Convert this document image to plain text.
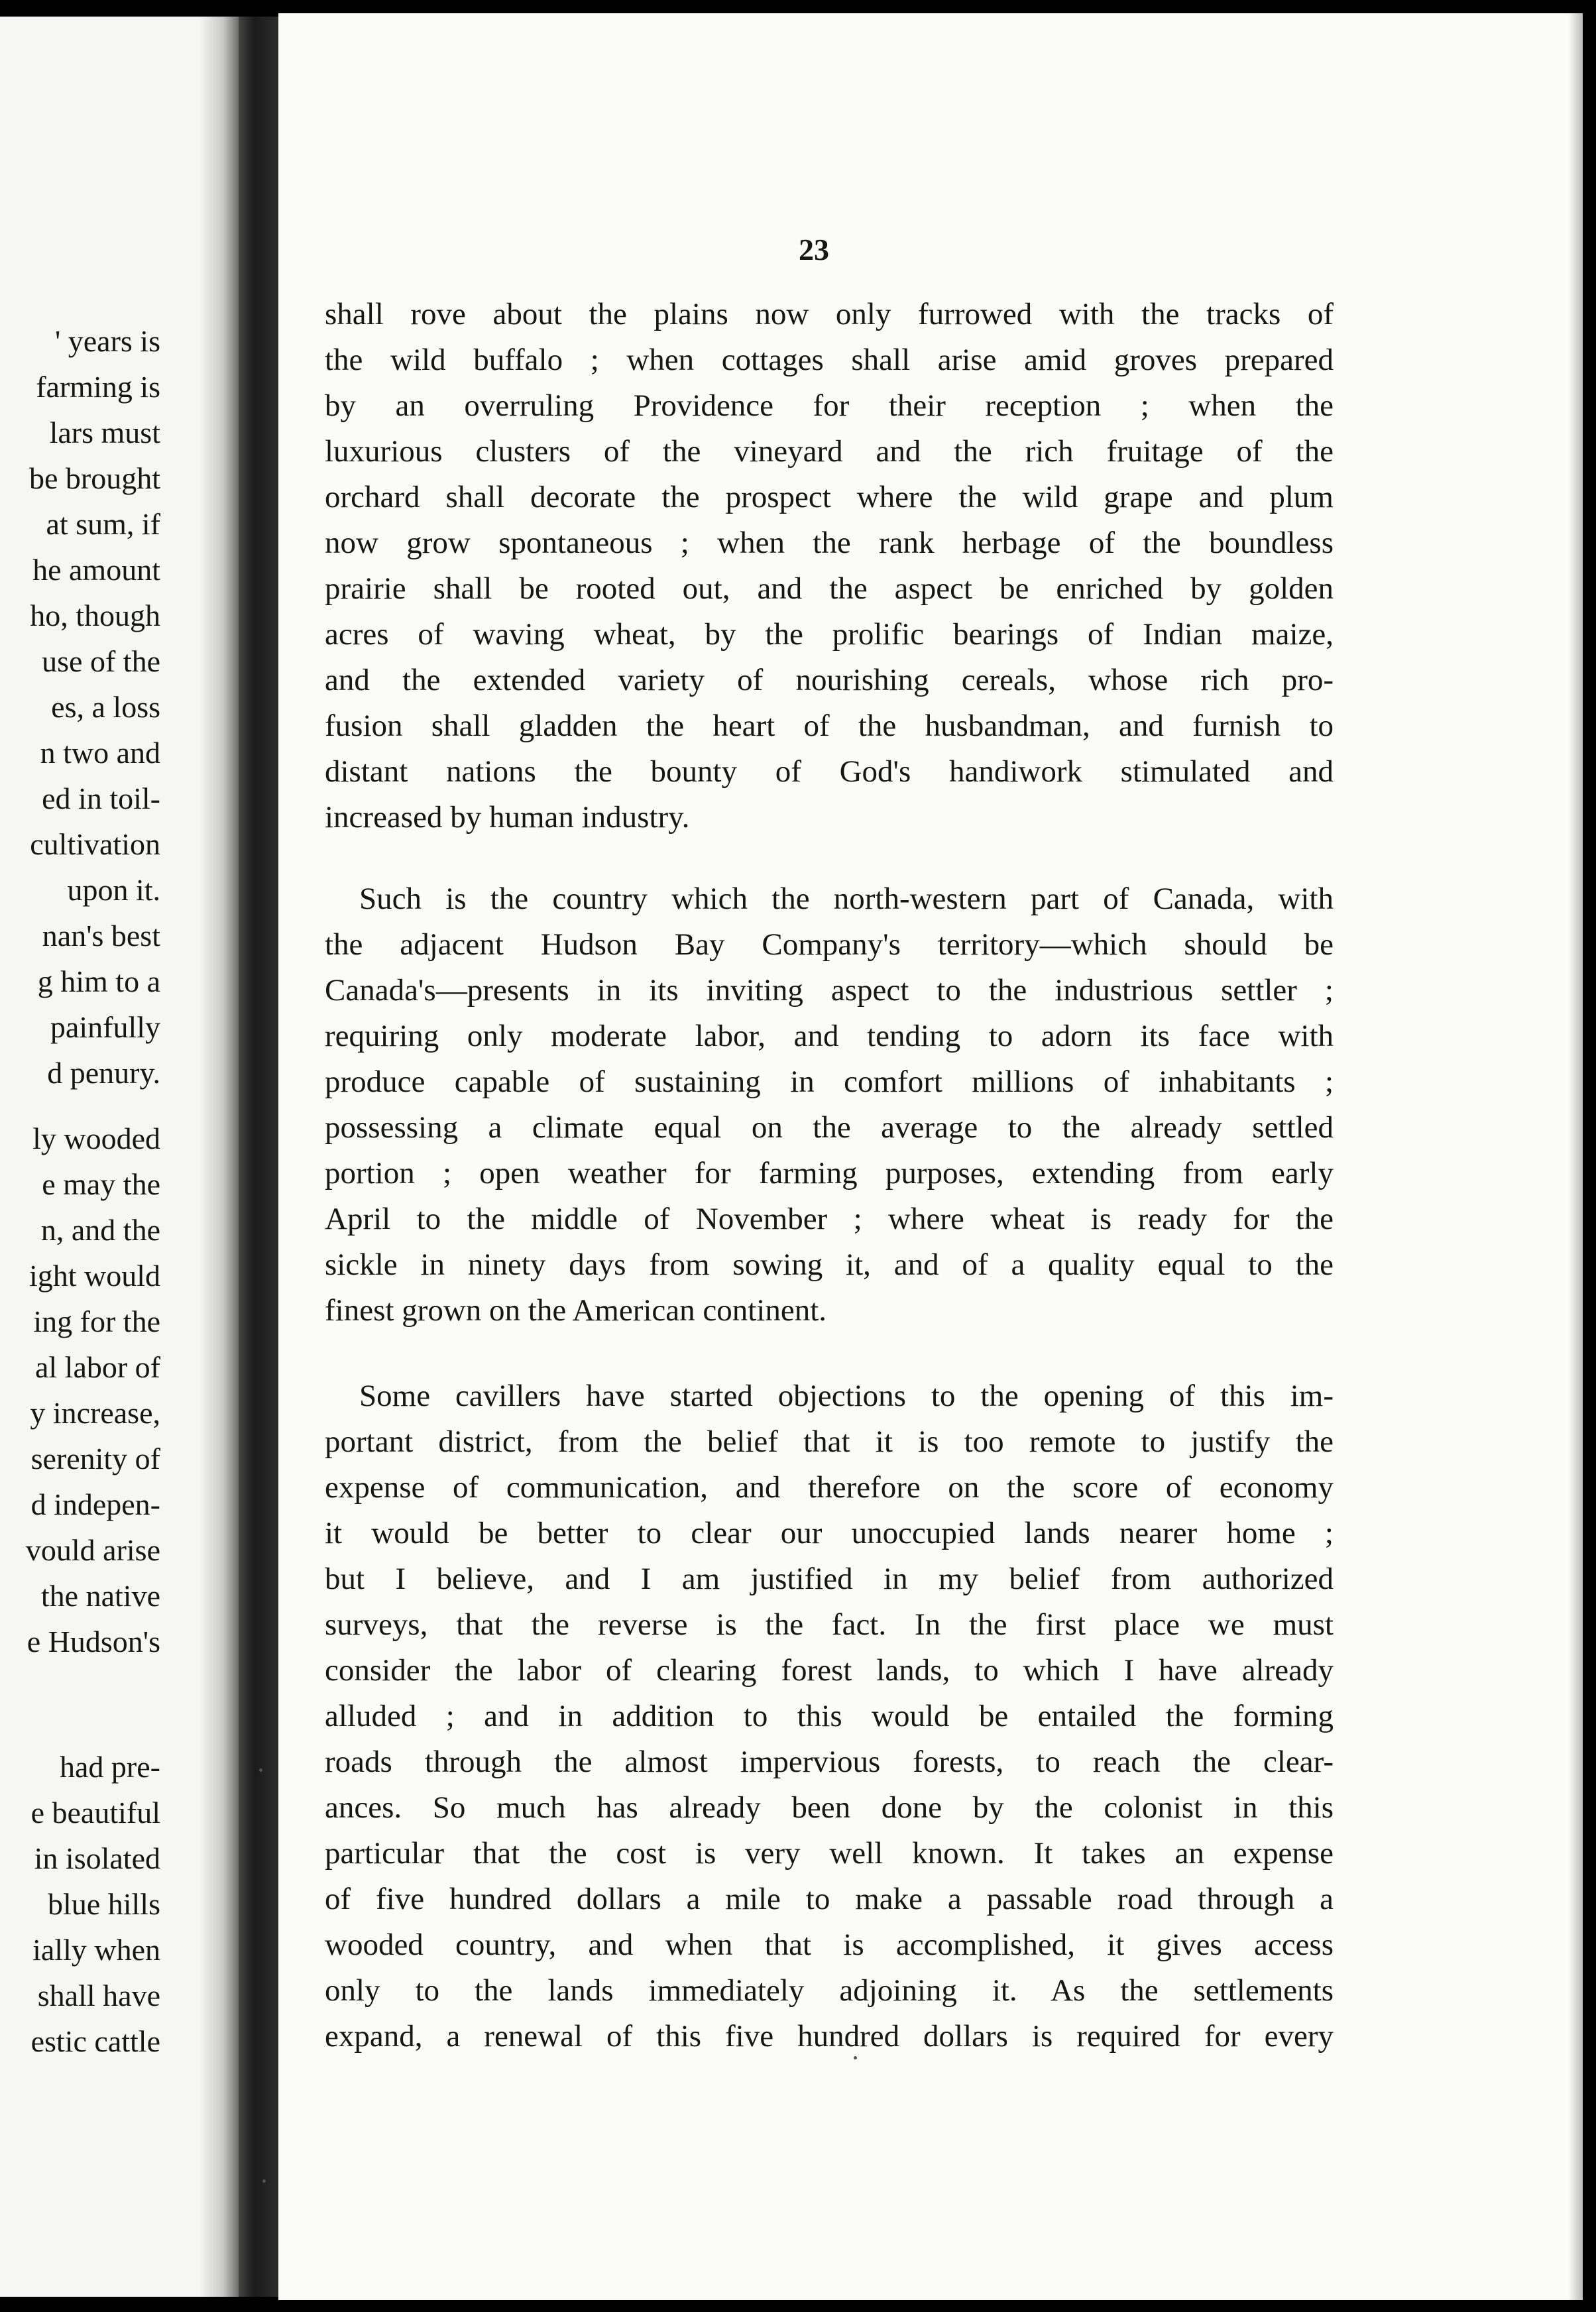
' years is
farming is
lars must
be brought
at sum, if
he amount
ho, though
use of the
es, a loss
n two and
ed in toil-
cultivation
upon it.
nan's best
g him to a
painfully
d penury.
ly wooded
e may the
n, and the
ight would
ing for the
al labor of
y increase,
serenity of
d indepen-
vould arise
the native
e Hudson's
had pre-
e beautiful
in isolated
blue hills
ially when
shall have
estic cattle
23
shall rove about the plains now only furrowed with the tracks of
the wild buffalo ; when cottages shall arise amid groves prepared
by an overruling Providence for their reception ; when the
luxurious clusters of the vineyard and the rich fruitage of the
orchard shall decorate the prospect where the wild grape and plum
now grow spontaneous ; when the rank herbage of the boundless
prairie shall be rooted out, and the aspect be enriched by golden
acres of waving wheat, by the prolific bearings of Indian maize,
and the extended variety of nourishing cereals, whose rich pro-
fusion shall gladden the heart of the husbandman, and furnish to
distant nations the bounty of God's handiwork stimulated and
increased by human industry.
Such is the country which the north-western part of Canada, with
the adjacent Hudson Bay Company's territory—which should be
Canada's—presents in its inviting aspect to the industrious settler ;
requiring only moderate labor, and tending to adorn its face with
produce capable of sustaining in comfort millions of inhabitants ;
possessing a climate equal on the average to the already settled
portion ; open weather for farming purposes, extending from early
April to the middle of November ; where wheat is ready for the
sickle in ninety days from sowing it, and of a quality equal to the
finest grown on the American continent.
Some cavillers have started objections to the opening of this im-
portant district, from the belief that it is too remote to justify the
expense of communication, and therefore on the score of economy
it would be better to clear our unoccupied lands nearer home ;
but I believe, and I am justified in my belief from authorized
surveys, that the reverse is the fact. In the first place we must
consider the labor of clearing forest lands, to which I have already
alluded ; and in addition to this would be entailed the forming
roads through the almost impervious forests, to reach the clear-
ances. So much has already been done by the colonist in this
particular that the cost is very well known. It takes an expense
of five hundred dollars a mile to make a passable road through a
wooded country, and when that is accomplished, it gives access
only to the lands immediately adjoining it. As the settlements
expand, a renewal of this five hundred dollars is required for every
